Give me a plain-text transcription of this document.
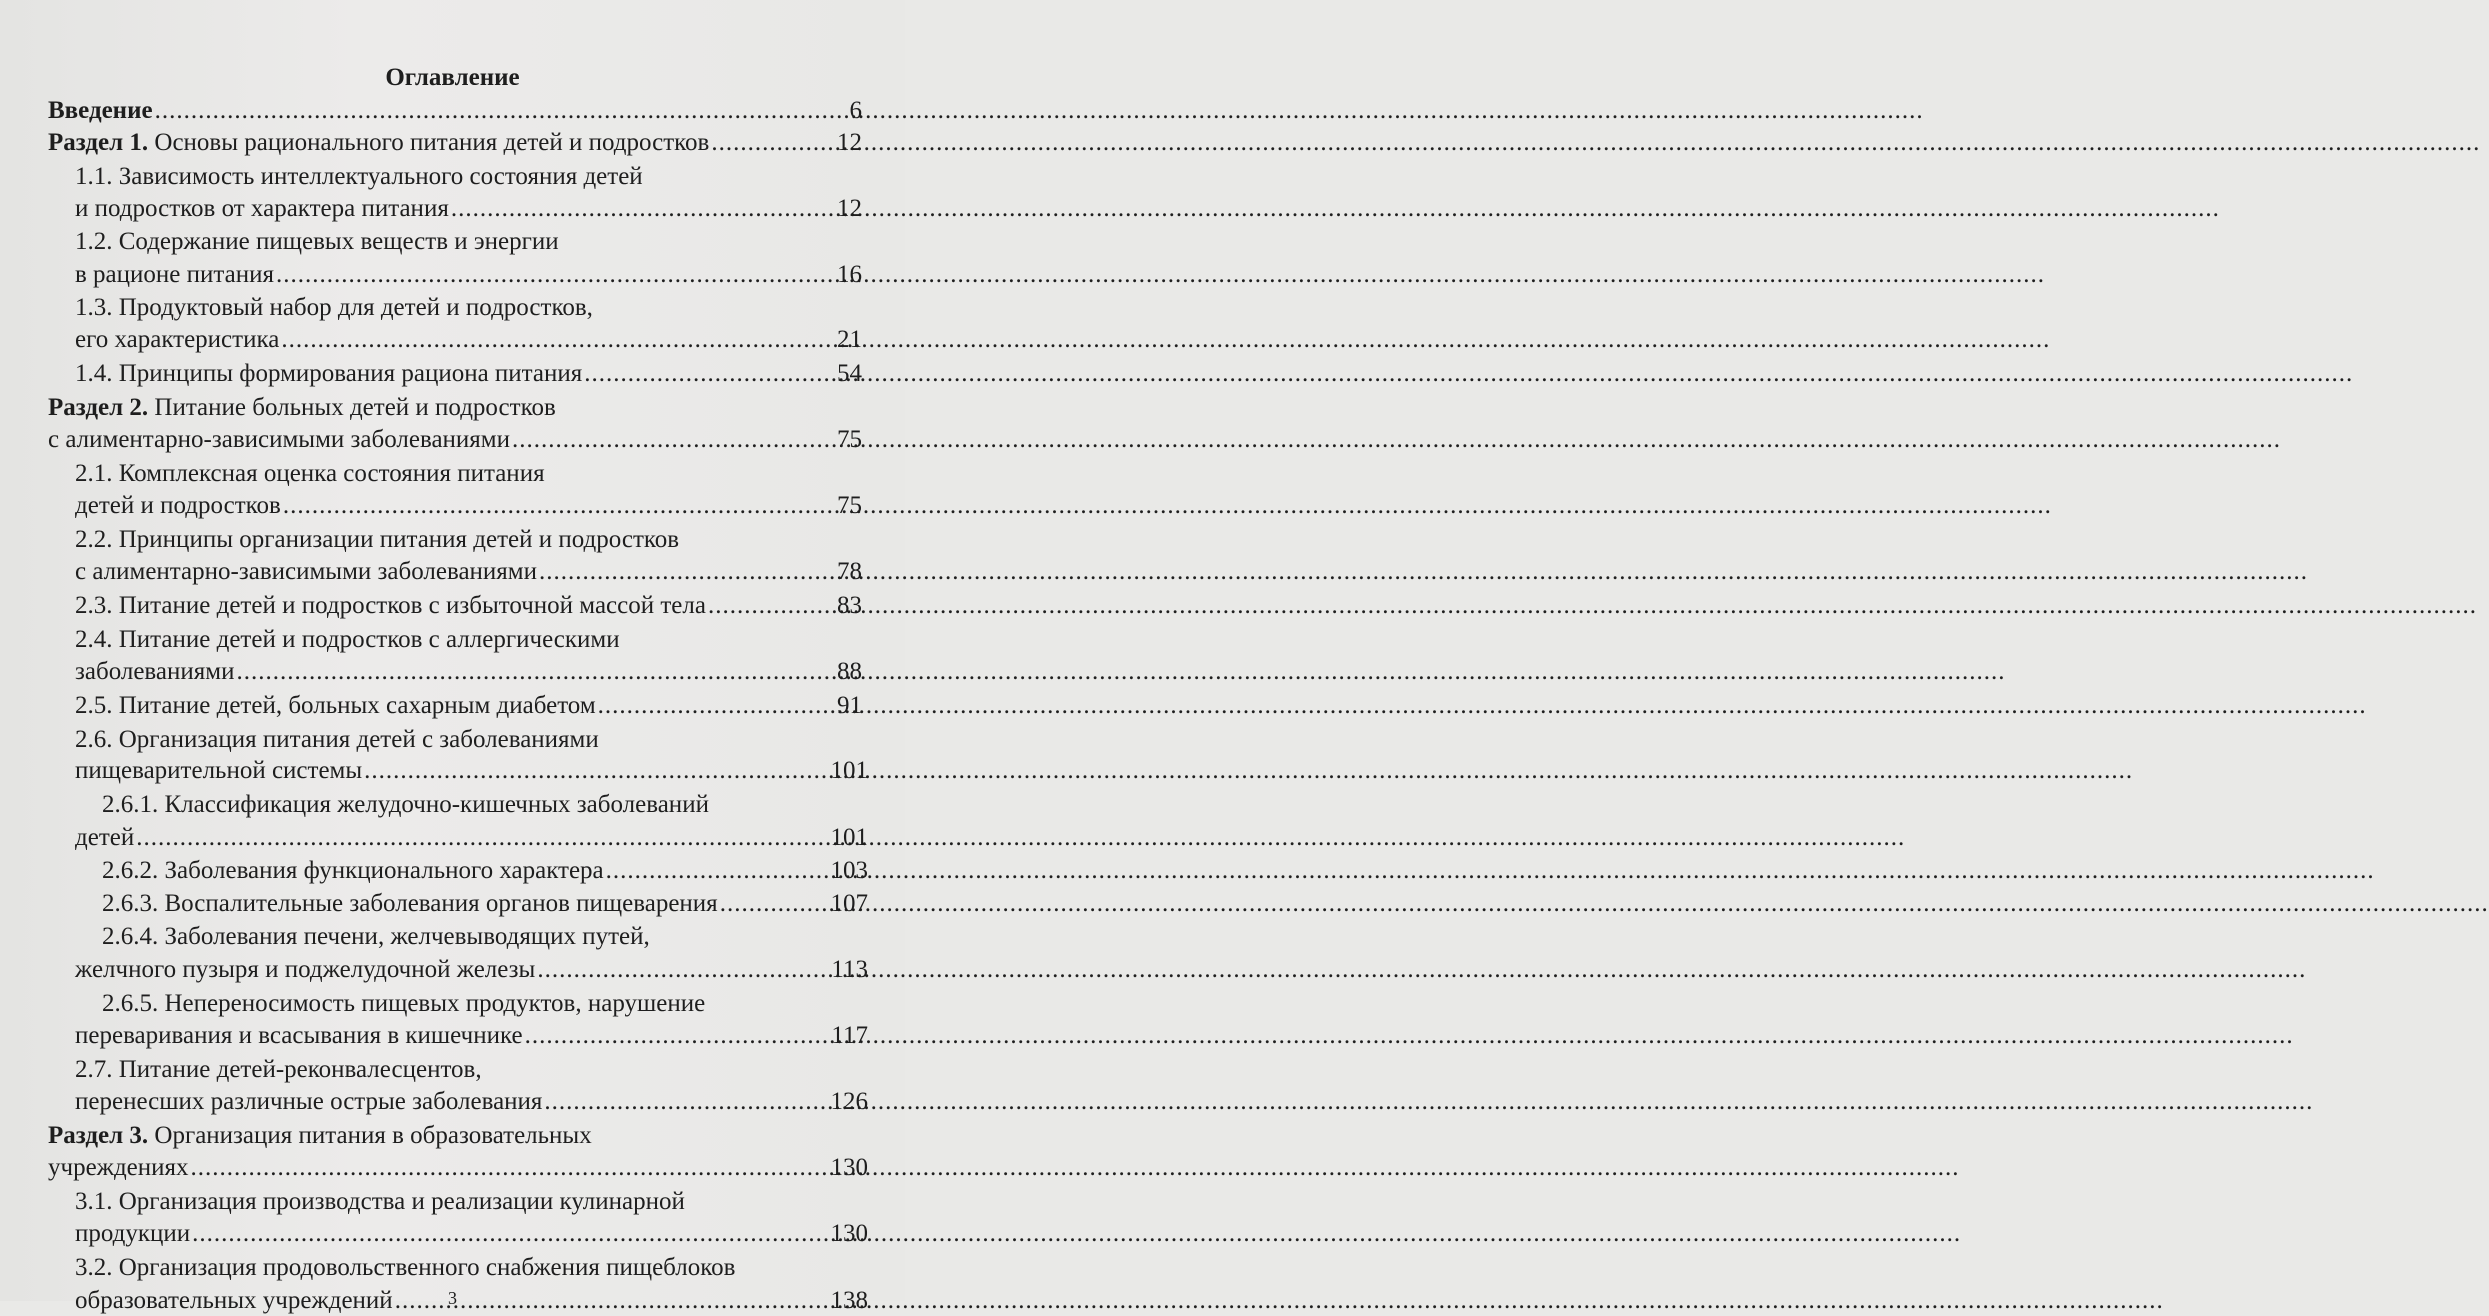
Оглавление
Введение .....	6
Раздел 1. Основы рационального питания детей и подростков .....	12
1.1. Зависимость интеллектуального состояния детей
и подростков от характера питания .....	12
1.2. Содержание пищевых веществ и энергии
в рационе питания .....	16
1.3. Продуктовый набор для детей и подростков,
его характеристика .....	21
1.4. Принципы формирования рациона питания .....	54
Раздел 2. Питание больных детей и подростков
с алиментарно-зависимыми заболеваниями .....	75
2.1. Комплексная оценка состояния питания
детей и подростков .....	75
2.2. Принципы организации питания детей и подростков
с алиментарно-зависимыми заболеваниями .....	78
2.3. Питание детей и подростков с избыточной массой тела .....	83
2.4. Питание детей и подростков с аллергическими
заболеваниями .....	88
2.5. Питание детей, больных сахарным диабетом .....	91
2.6. Организация питания детей с заболеваниями
пищеварительной системы .....	101
2.6.1. Классификация желудочно-кишечных заболеваний
детей .....	101
2.6.2. Заболевания функционального характера .....	103
2.6.3. Воспалительные заболевания органов пищеварения .....	107
2.6.4. Заболевания печени, желчевыводящих путей,
желчного пузыря и поджелудочной железы .....	113
2.6.5. Непереносимость пищевых продуктов, нарушение
переваривания и всасывания в кишечнике .....	117
2.7. Питание детей-реконвалесцентов,
перенесших различные острые заболевания .....	126
Раздел 3. Организация питания в образовательных
учреждениях .....	130
3.1. Организация производства и реализации кулинарной
продукции .....	130
3.2. Организация продовольственного снабжения пищеблоков
образовательных учреждений .....	138
3
